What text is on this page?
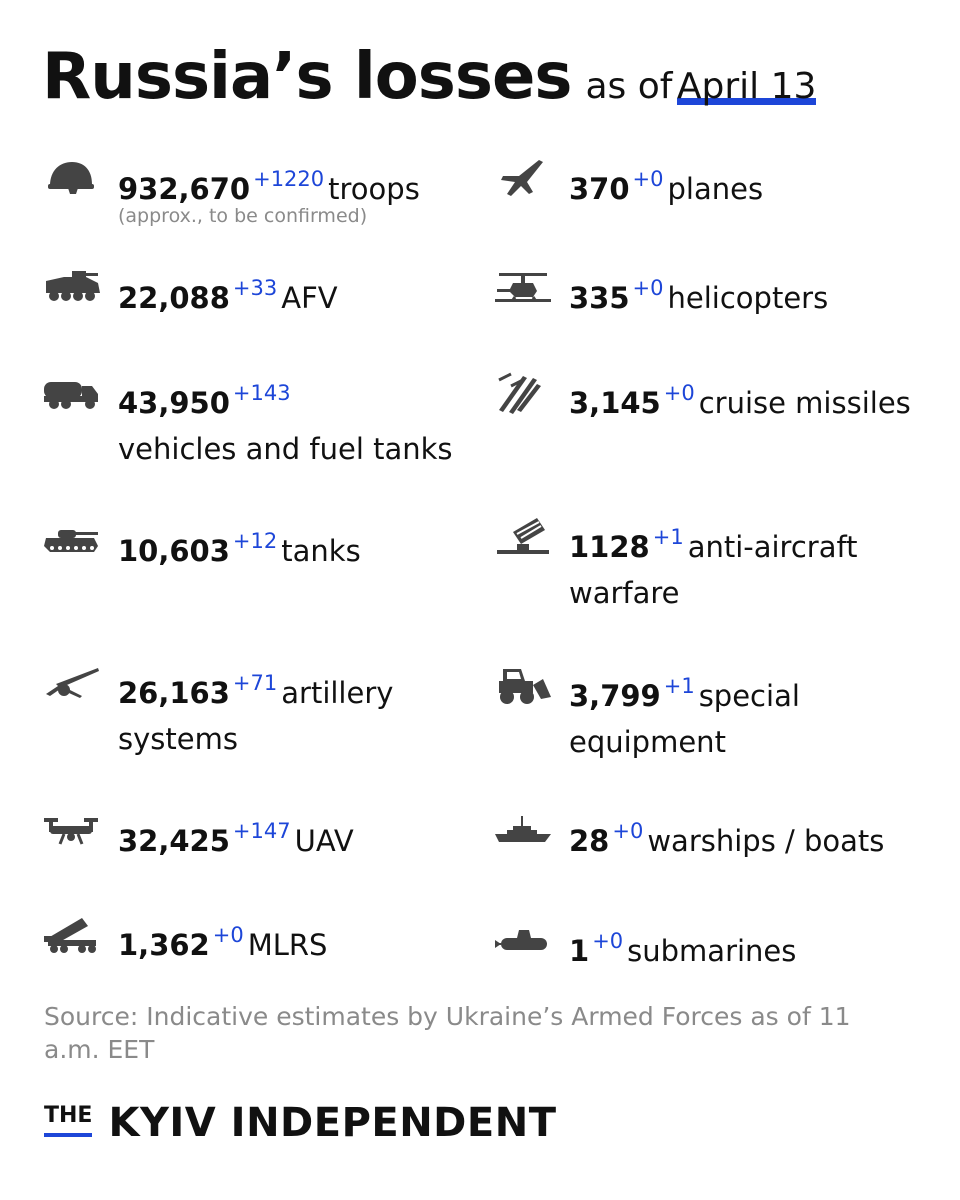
Russia’s losses as of April 13
932,670 $^{+1220}$ troops
(approx., to be confirmed)
22,088 $^{+33}$ AFV
43,950 $^{+143}$
vehicles and fuel tanks
10,603 $^{+12}$ tanks
26,163 $^{+71}$ artillery systems
32,425 $^{+147}$ UAV
1,362 $^{+0}$ MLRS
370 $^{+0}$ planes
335 $^{+0}$ helicopters
3,145 $^{+0}$ cruise missiles
1128 $^{+1}$ anti-aircraft warfare
3,799 $^{+1}$ special equipment
28 $^{+0}$ warships / boats
1 $^{+0}$ submarines
Source: Indicative estimates by Ukraine’s Armed Forces as of 11 a.m. EET
THE KYIV INDEPENDENT
